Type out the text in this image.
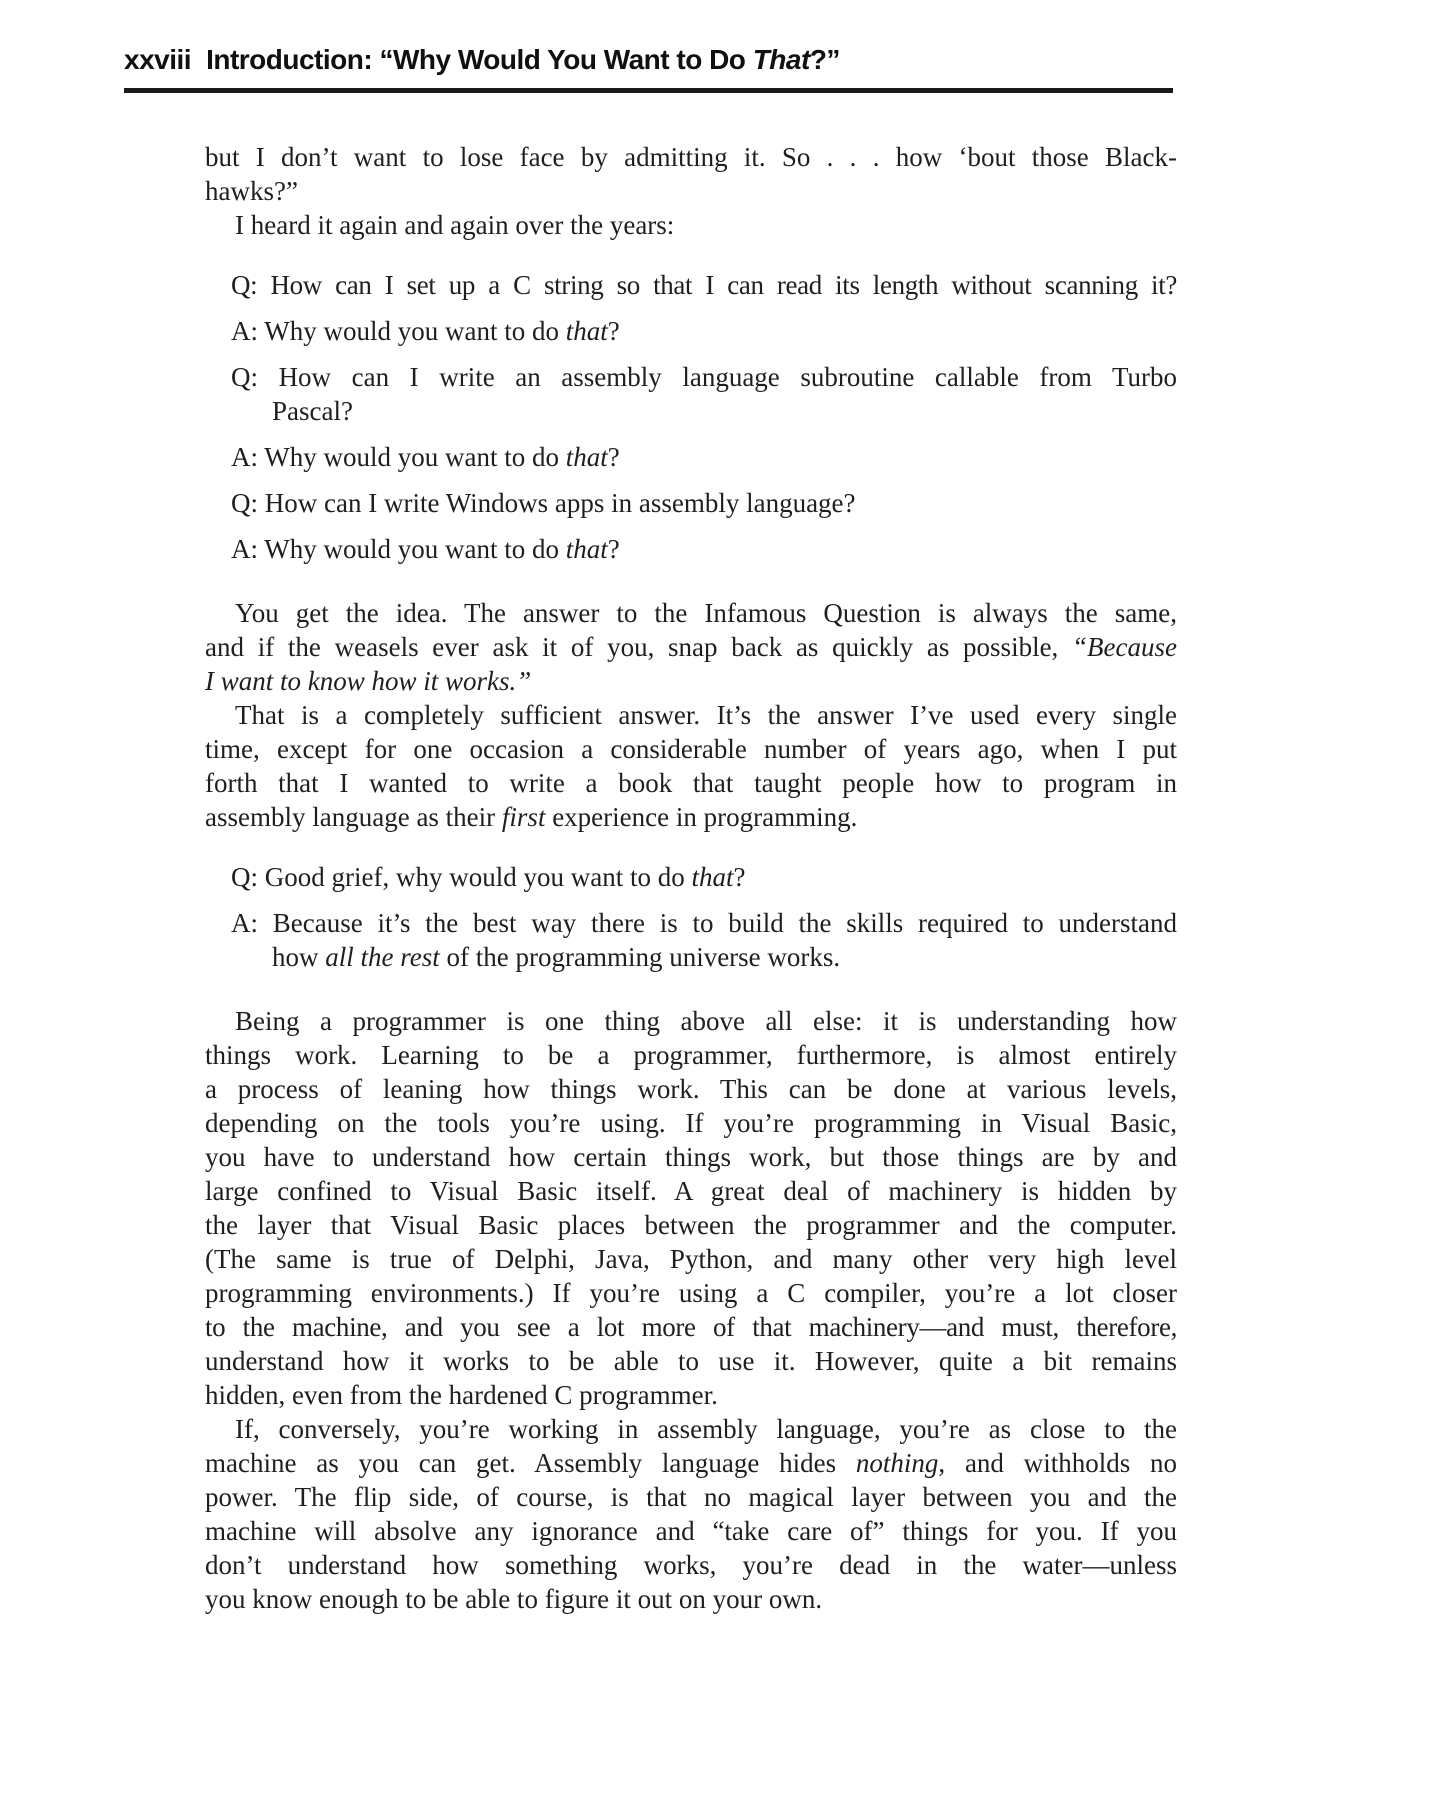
xxviii Introduction: “Why Would You Want to Do That?”

but I don’t want to lose face by admitting it. So . . . how ‘bout those Black-
hawks?”

I heard it again and again over the years:

Q: How can I set up a C string so that I can read its length without scanning it?
A: Why would you want to do that?
Q: How can I write an assembly language subroutine callable from Turbo
Pascal?
A: Why would you want to do that?
Q: How can I write Windows apps in assembly language?
A: Why would you want to do that?

You get the idea. The answer to the Infamous Question is always the same,
and if the weasels ever ask it of you, snap back as quickly as possible, “Because
I want to know how it works.”

That is a completely sufficient answer. It’s the answer I’ve used every single
time, except for one occasion a considerable number of years ago, when I put
forth that I wanted to write a book that taught people how to program in
assembly language as their first experience in programming.

Q: Good grief, why would you want to do that?
A: Because it’s the best way there is to build the skills required to understand
how all the rest of the programming universe works.

Being a programmer is one thing above all else: it is understanding how
things work. Learning to be a programmer, furthermore, is almost entirely
a process of leaning how things work. This can be done at various levels,
depending on the tools you’re using. If you’re programming in Visual Basic,
you have to understand how certain things work, but those things are by and
large confined to Visual Basic itself. A great deal of machinery is hidden by
the layer that Visual Basic places between the programmer and the computer.
(The same is true of Delphi, Java, Python, and many other very high level
programming environments.) If you’re using a C compiler, you’re a lot closer
to the machine, and you see a lot more of that machinery—and must, therefore,
understand how it works to be able to use it. However, quite a bit remains
hidden, even from the hardened C programmer.

If, conversely, you’re working in assembly language, you’re as close to the
machine as you can get. Assembly language hides nothing, and withholds no
power. The flip side, of course, is that no magical layer between you and the
machine will absolve any ignorance and “take care of” things for you. If you
don’t understand how something works, you’re dead in the water—unless
you know enough to be able to figure it out on your own.
